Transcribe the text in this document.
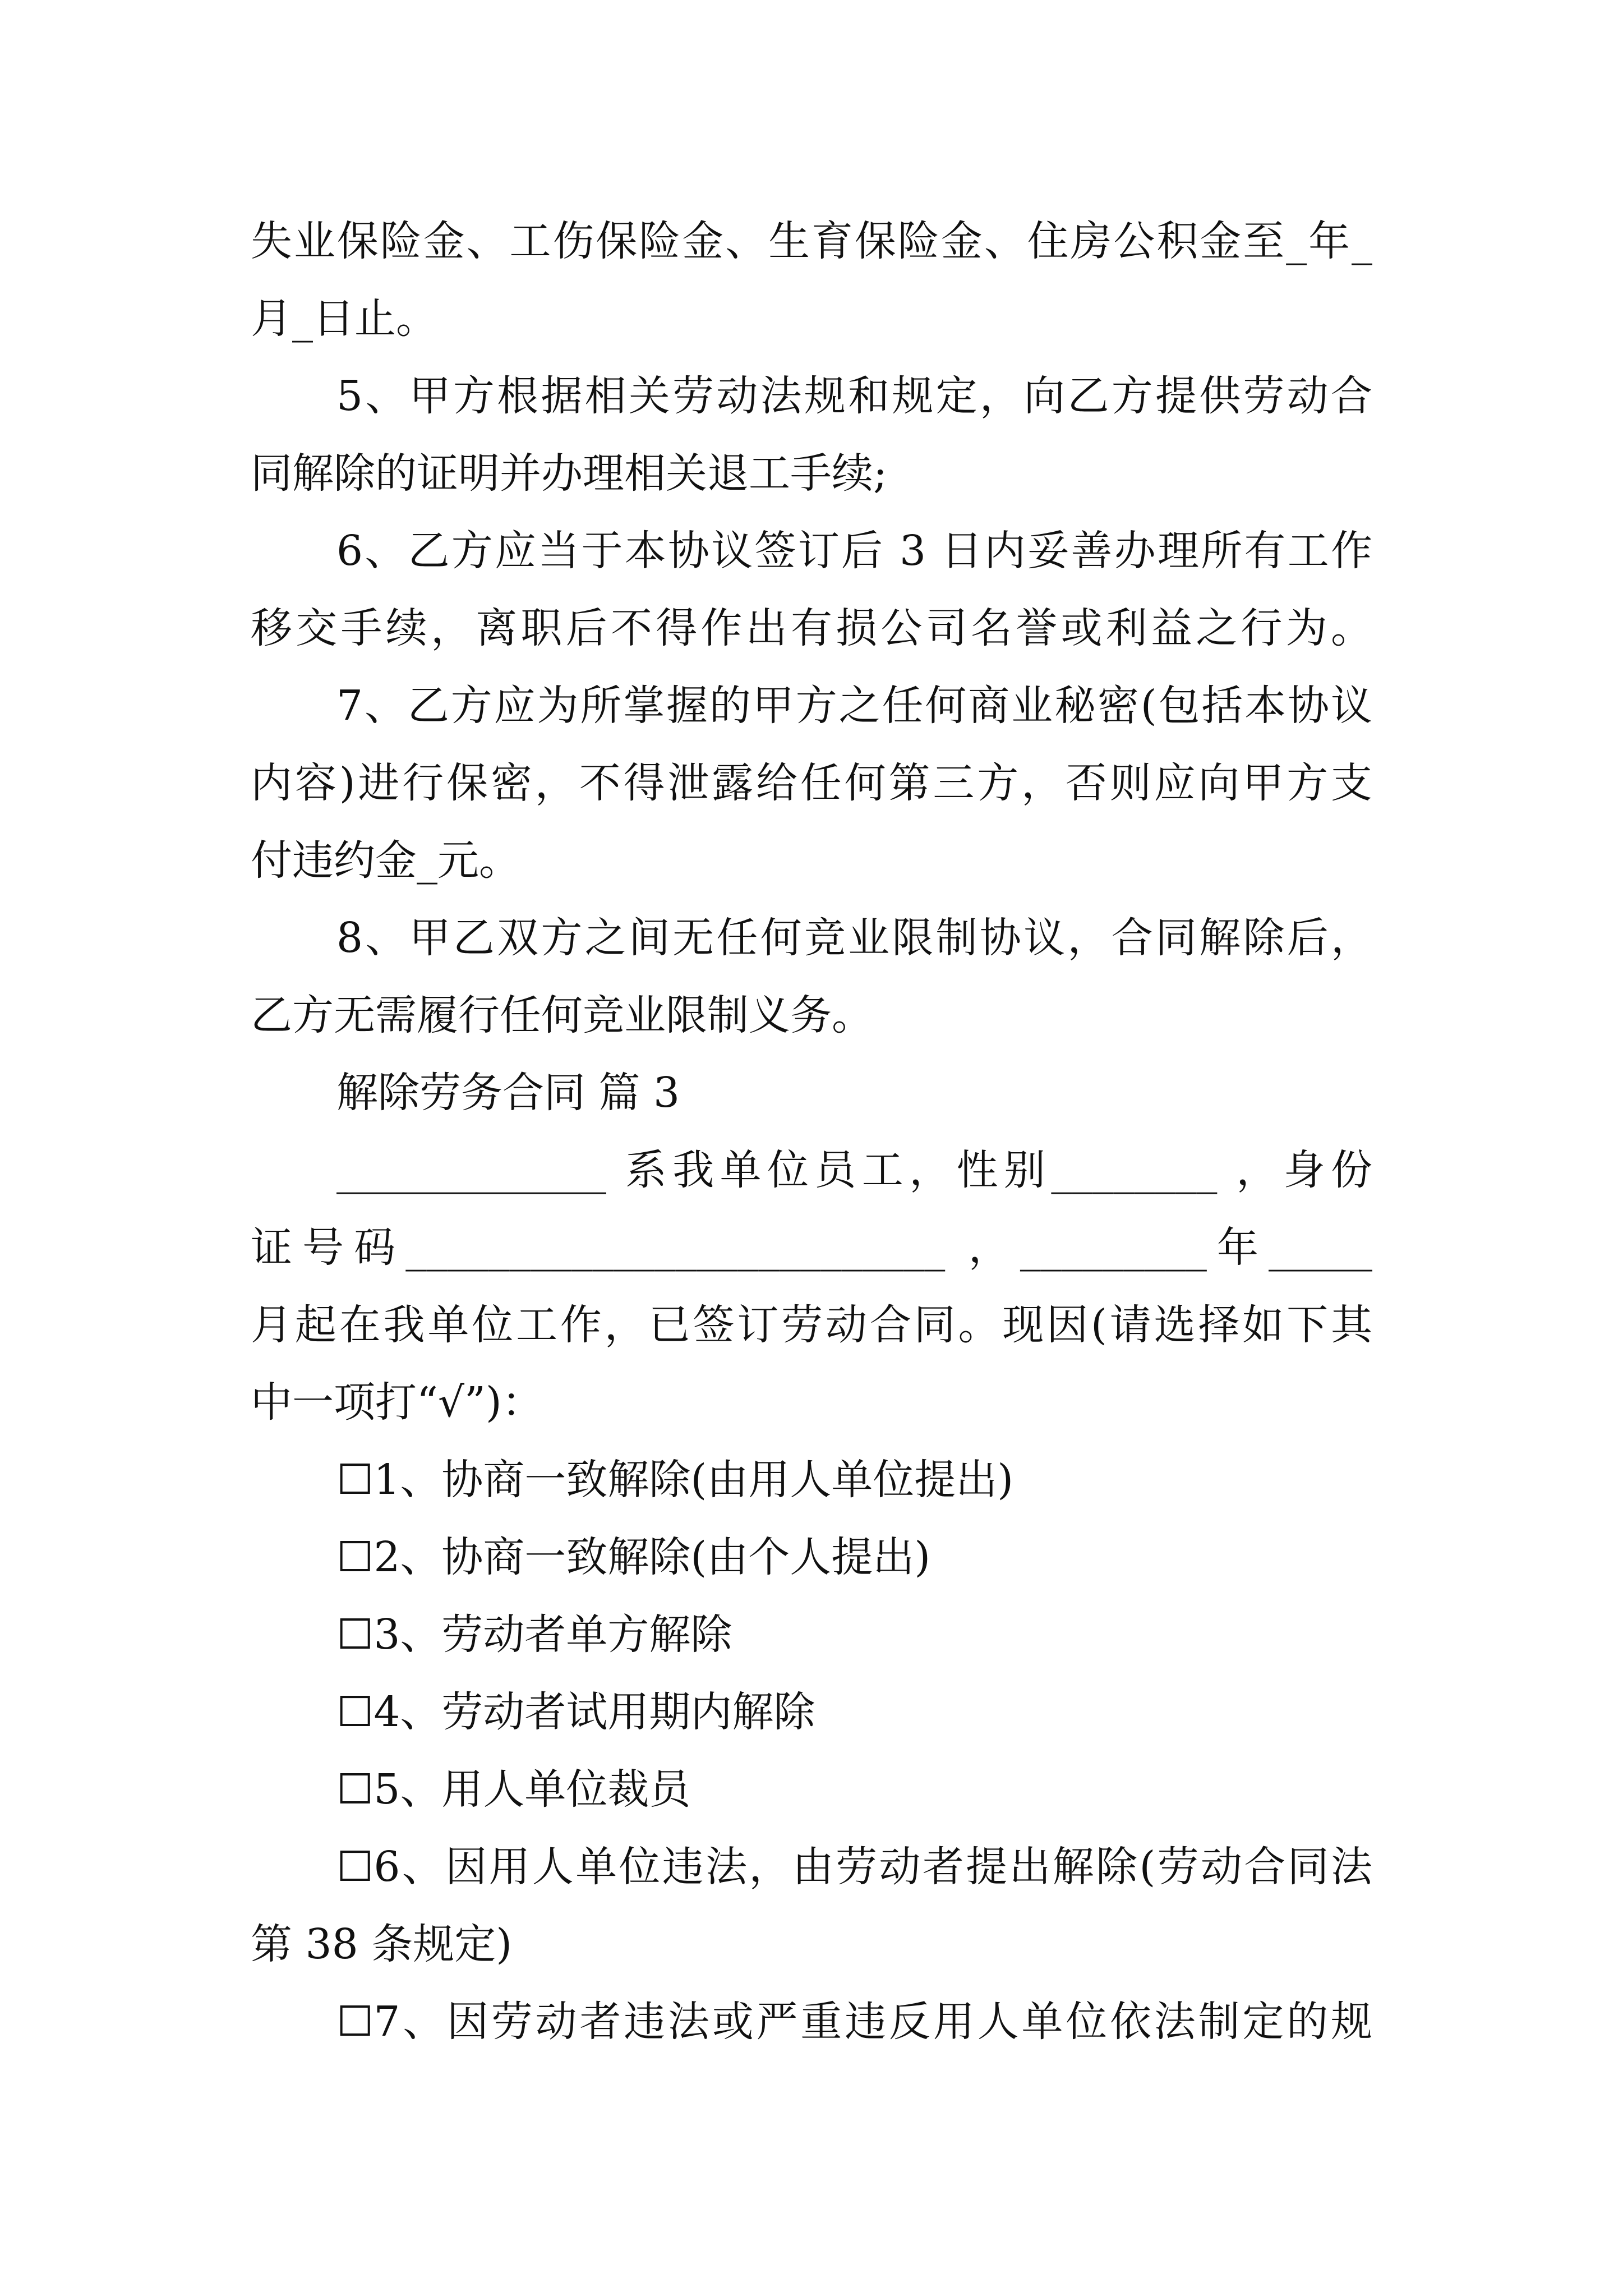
失业保险金、工伤保险金、生育保险金、住房公积金至_年_
月_日止。
5、甲方根据相关劳动法规和规定，向乙方提供劳动合
同解除的证明并办理相关退工手续;
6、乙方应当于本协议签订后 3 日内妥善办理所有工作
移交手续，离职后不得作出有损公司名誉或利益之行为。
7、乙方应为所掌握的甲方之任何商业秘密(包括本协议
内容)进行保密，不得泄露给任何第三方，否则应向甲方支
付违约金_元。
8、甲乙双方之间无任何竞业限制协议，合同解除后，
乙方无需履行任何竞业限制义务。
解除劳务合同 篇 3
_____________ 系我单位员工，性别________ ，身份
证号码__________________________ ，_________年_____
月起在我单位工作，已签订劳动合同。现因(请选择如下其
中一项打“√”)：
☐1、协商一致解除(由用人单位提出)
☐2、协商一致解除(由个人提出)
☐3、劳动者单方解除
☐4、劳动者试用期内解除
☐5、用人单位裁员
☐6、因用人单位违法，由劳动者提出解除(劳动合同法
第 38 条规定)
☐7、因劳动者违法或严重违反用人单位依法制定的规
